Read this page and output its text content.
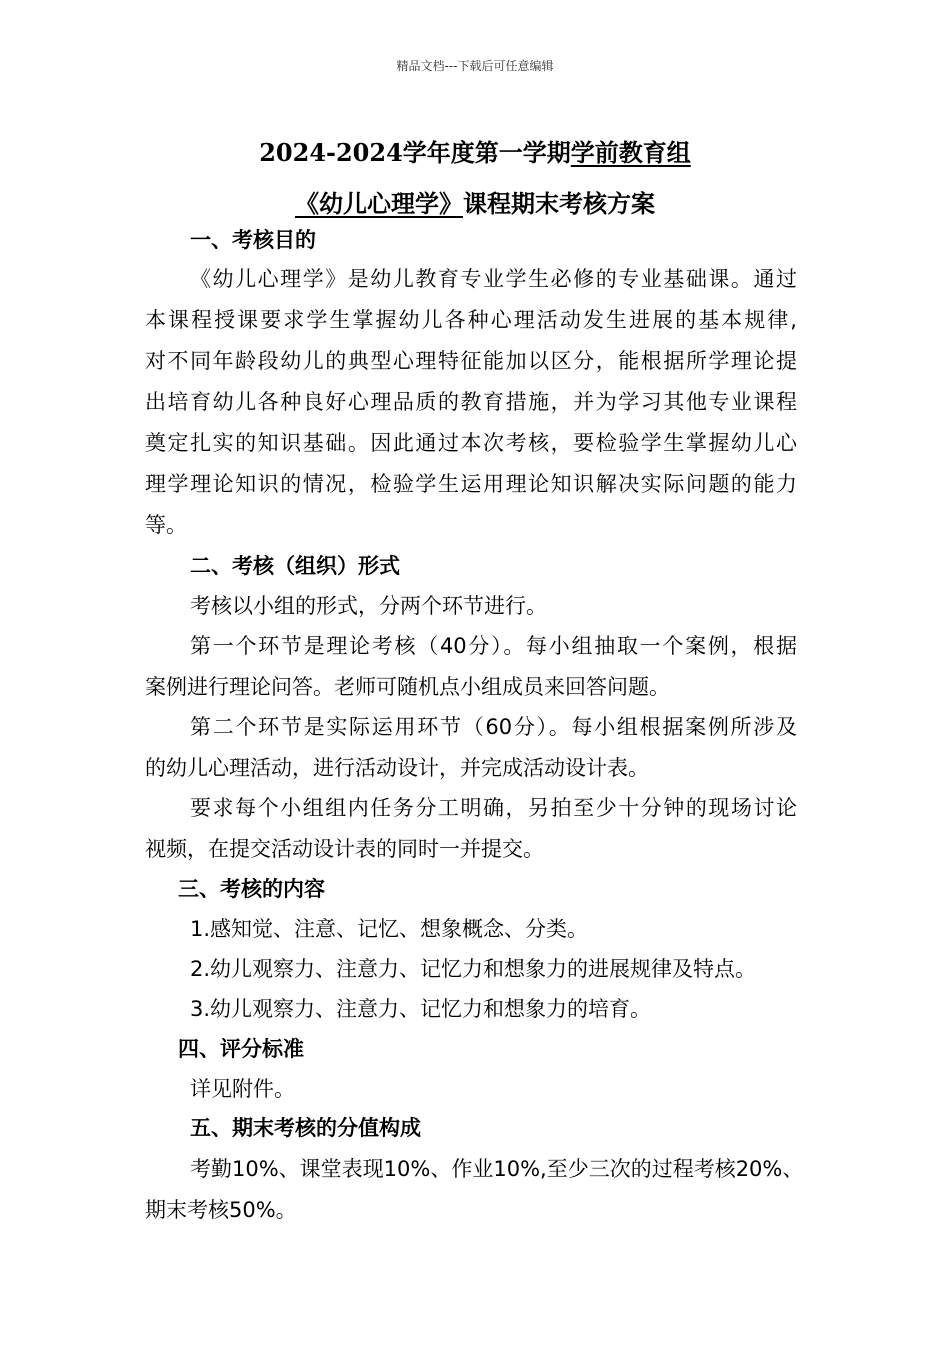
精品文档---下载后可任意编辑
2024-2024学年度第一学期学前教育组
《幼儿心理学》课程期末考核方案
一、考核目的
《幼儿心理学》是幼儿教育专业学生必修的专业基础课。通过
本课程授课要求学生掌握幼儿各种心理活动发生进展的基本规律,
对不同年龄段幼儿的典型心理特征能加以区分，能根据所学理论提
出培育幼儿各种良好心理品质的教育措施，并为学习其他专业课程
奠定扎实的知识基础。因此通过本次考核，要检验学生掌握幼儿心
理学理论知识的情况，检验学生运用理论知识解决实际问题的能力
等。
二、考核（组织）形式
考核以小组的形式，分两个环节进行。
第一个环节是理论考核（40分）。每小组抽取一个案例，根据
案例进行理论问答。老师可随机点小组成员来回答问题。
第二个环节是实际运用环节（60分）。每小组根据案例所涉及
的幼儿心理活动，进行活动设计，并完成活动设计表。
要求每个小组组内任务分工明确，另拍至少十分钟的现场讨论
视频，在提交活动设计表的同时一并提交。
三、考核的内容
1.感知觉、注意、记忆、想象概念、分类。
2.幼儿观察力、注意力、记忆力和想象力的进展规律及特点。
3.幼儿观察力、注意力、记忆力和想象力的培育。
四、评分标准
详见附件。
五、期末考核的分值构成
考勤10%、课堂表现10%、作业10%,至少三次的过程考核20%、
期末考核50%。
